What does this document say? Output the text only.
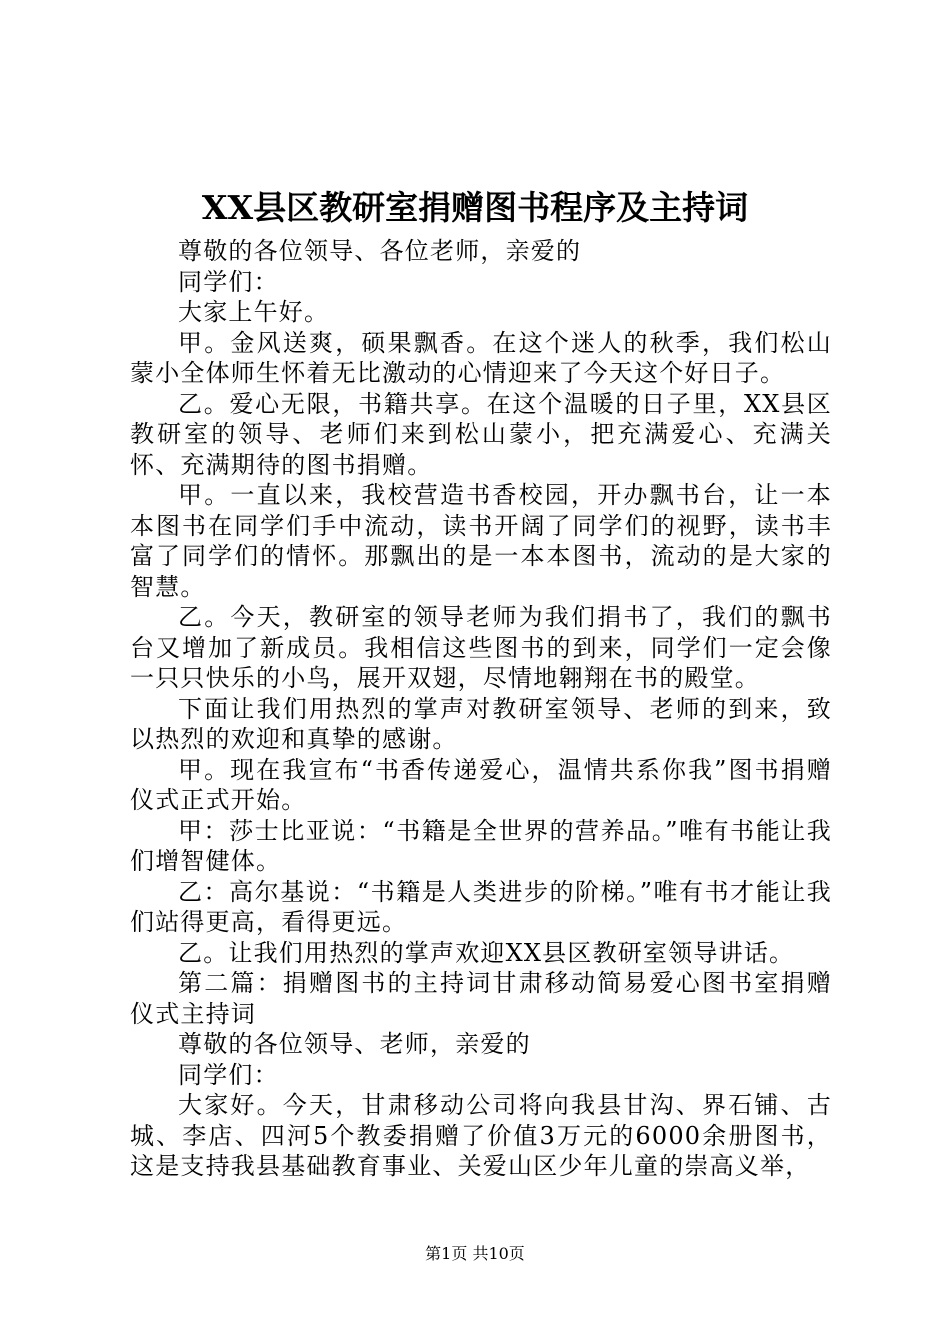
XX县区教研室捐赠图书程序及主持词

尊敬的各位领导、各位老师，亲爱的

同学们：

大家上午好。

甲。金风送爽，硕果飘香。在这个迷人的秋季，我们松山蒙小全体师生怀着无比激动的心情迎来了今天这个好日子。

乙。爱心无限，书籍共享。在这个温暖的日子里，XX县区教研室的领导、老师们来到松山蒙小，把充满爱心、充满关怀、充满期待的图书捐赠。

甲。一直以来，我校营造书香校园，开办飘书台，让一本本图书在同学们手中流动，读书开阔了同学们的视野，读书丰富了同学们的情怀。那飘出的是一本本图书，流动的是大家的智慧。

乙。今天，教研室的领导老师为我们捐书了，我们的飘书台又增加了新成员。我相信这些图书的到来，同学们一定会像一只只快乐的小鸟，展开双翅，尽情地翱翔在书的殿堂。

下面让我们用热烈的掌声对教研室领导、老师的到来，致以热烈的欢迎和真挚的感谢。

甲。现在我宣布“书香传递爱心，温情共系你我”图书捐赠仪式正式开始。

甲：莎士比亚说：“书籍是全世界的营养品。”唯有书能让我们增智健体。

乙：高尔基说：“书籍是人类进步的阶梯。”唯有书才能让我们站得更高，看得更远。

乙。让我们用热烈的掌声欢迎XX县区教研室领导讲话。

第二篇：捐赠图书的主持词甘肃移动简易爱心图书室捐赠仪式主持词

尊敬的各位领导、老师，亲爱的

同学们：

大家好。今天，甘肃移动公司将向我县甘沟、界石铺、古城、李店、四河5个教委捐赠了价值3万元的6000余册图书，这是支持我县基础教育事业、关爱山区少年儿童的崇高义举，

第1页 共10页
